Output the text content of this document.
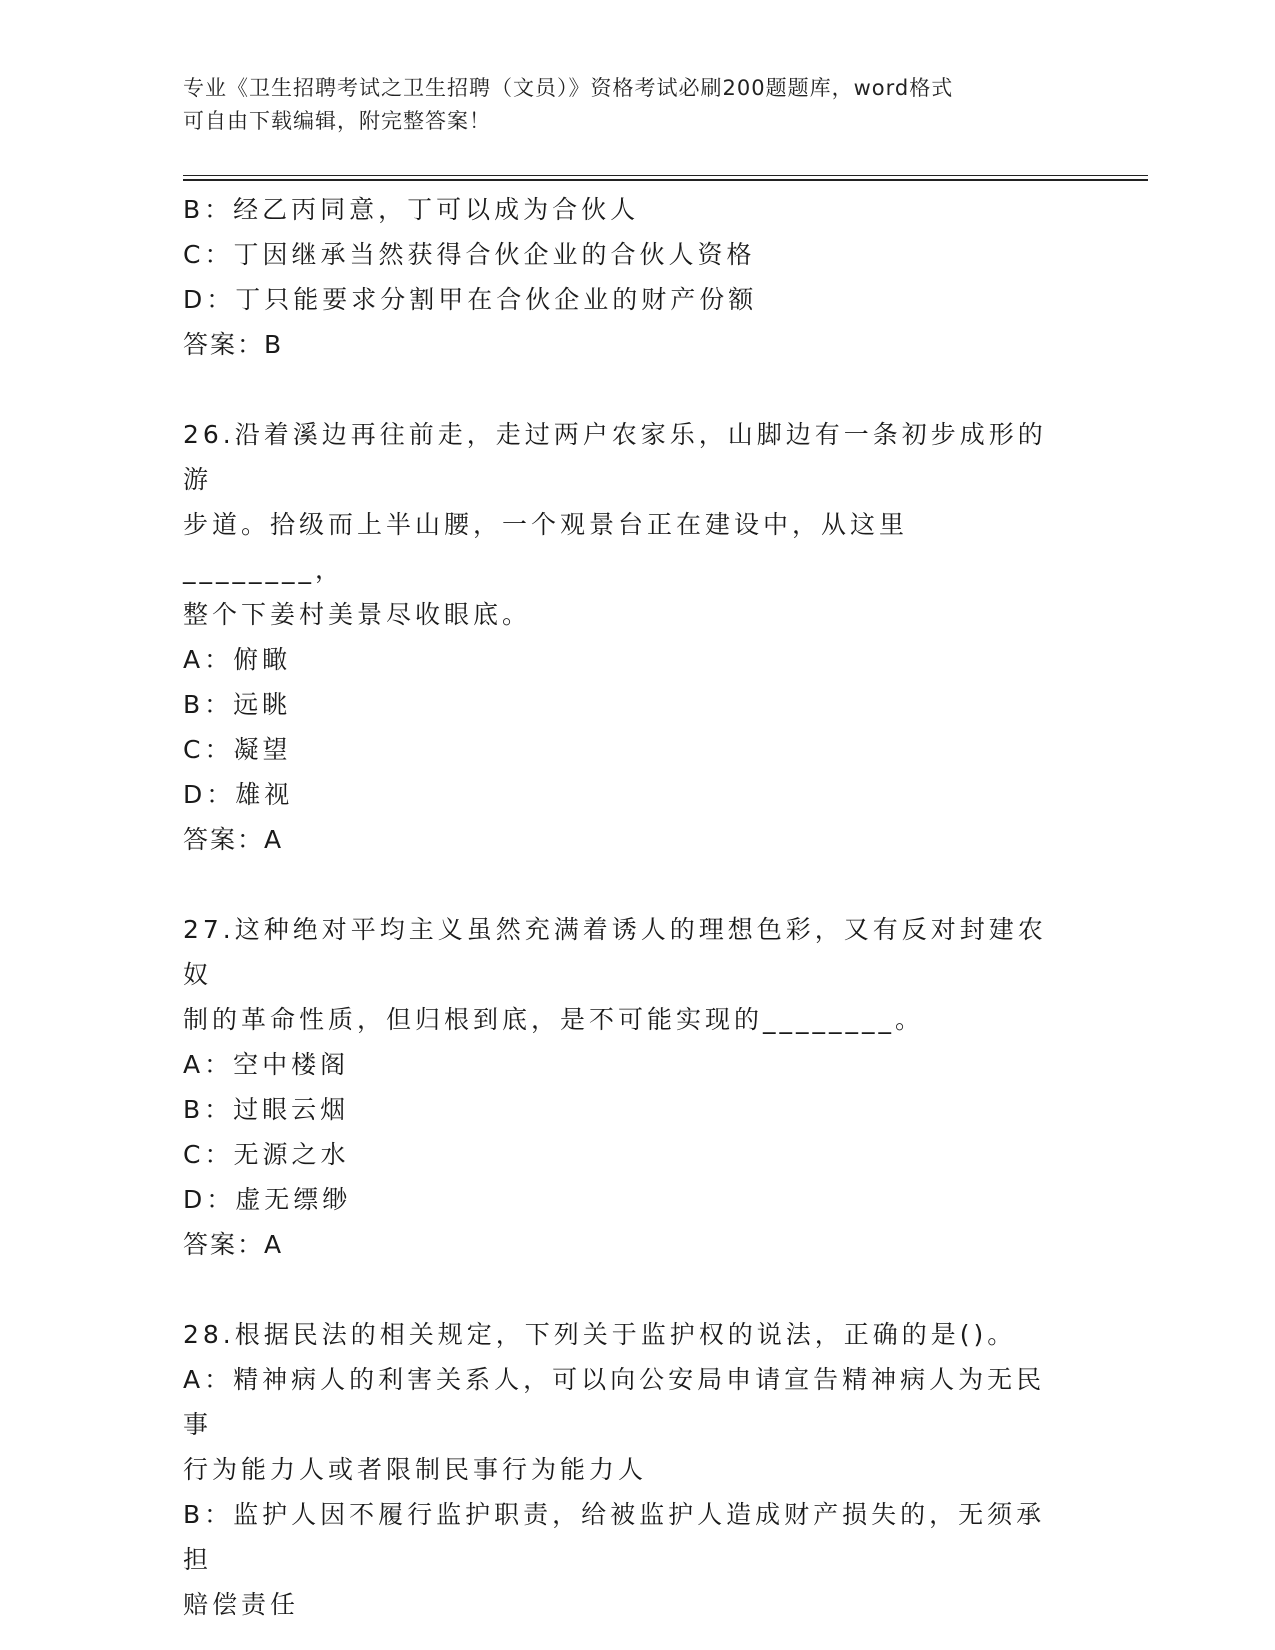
专业《卫生招聘考试之卫生招聘（文员）》资格考试必刷200题题库，word格式
可自由下载编辑，附完整答案！

B：经乙丙同意，丁可以成为合伙人

C：丁因继承当然获得合伙企业的合伙人资格

D：丁只能要求分割甲在合伙企业的财产份额

答案：B

26.沿着溪边再往前走，走过两户农家乐，山脚边有一条初步成形的游

步道。拾级而上半山腰，一个观景台正在建设中，从这里________，

整个下姜村美景尽收眼底。

A：俯瞰

B：远眺

C：凝望

D：雄视

答案：A

27.这种绝对平均主义虽然充满着诱人的理想色彩，又有反对封建农奴

制的革命性质，但归根到底，是不可能实现的________。

A：空中楼阁

B：过眼云烟

C：无源之水

D：虚无缥缈

答案：A

28.根据民法的相关规定，下列关于监护权的说法，正确的是()。

A：精神病人的利害关系人，可以向公安局申请宣告精神病人为无民事

行为能力人或者限制民事行为能力人

B：监护人因不履行监护职责，给被监护人造成财产损失的，无须承担

赔偿责任
